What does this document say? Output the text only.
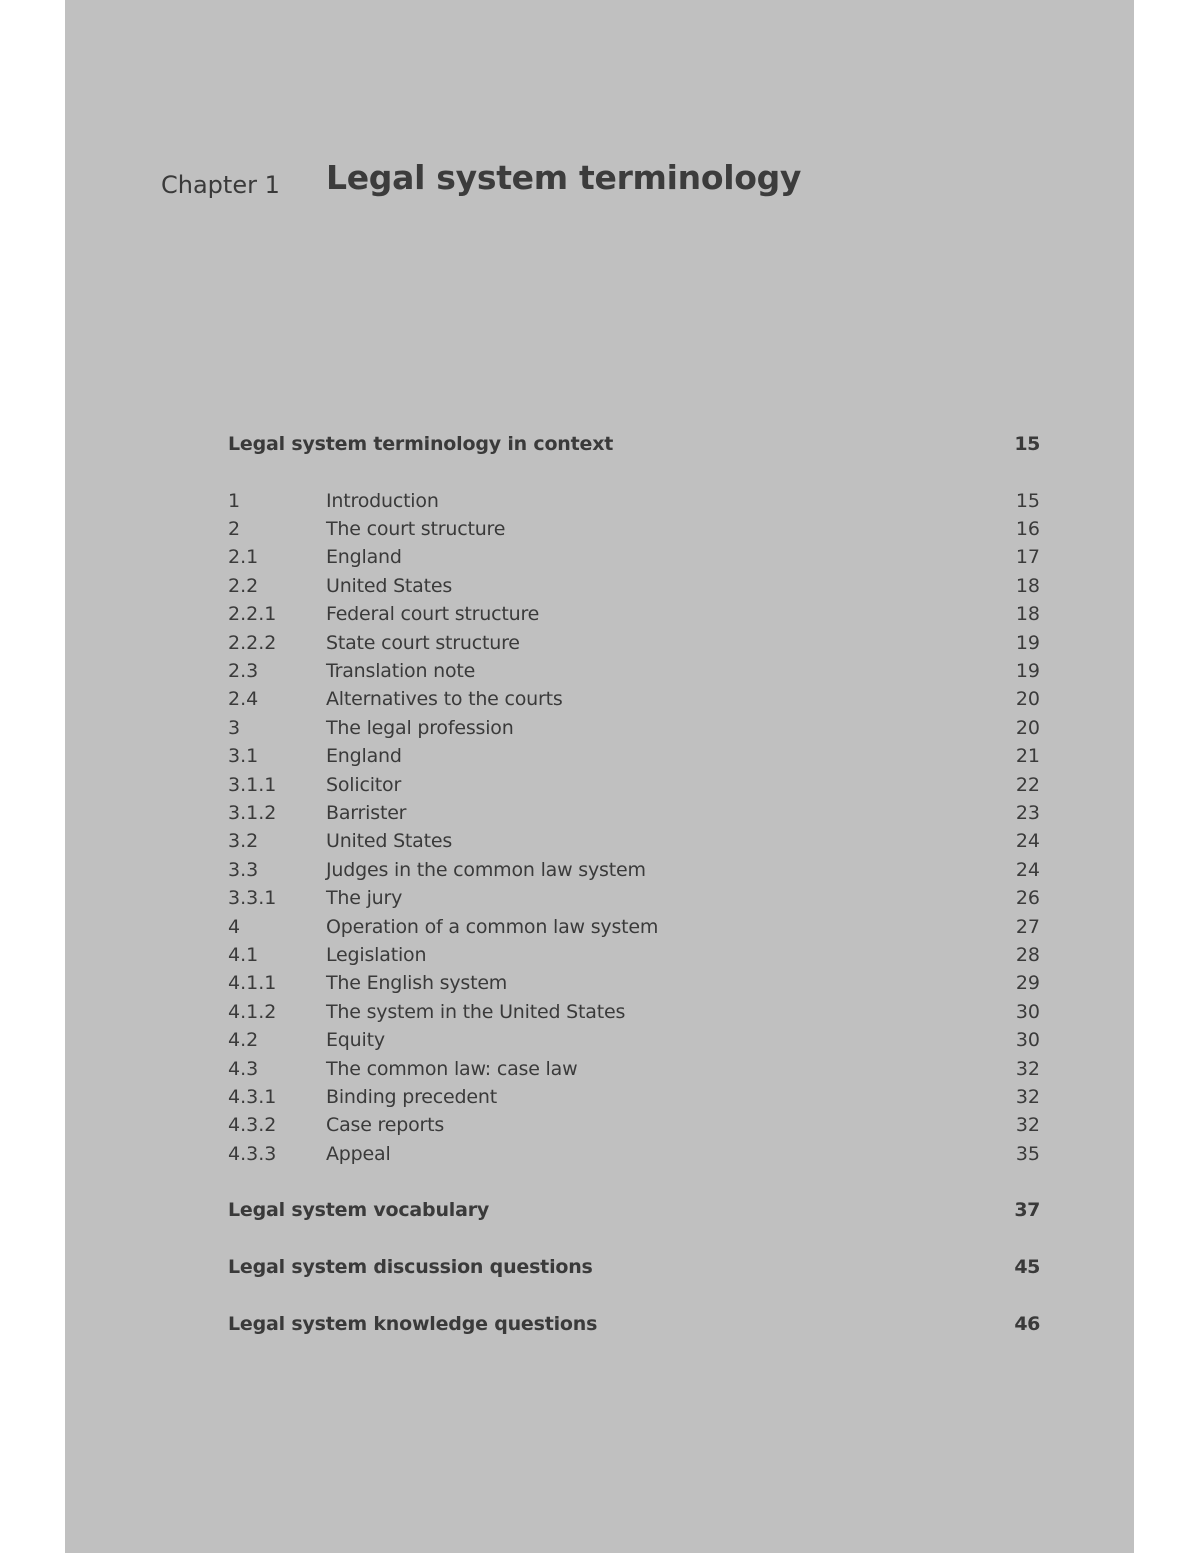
Chapter 1 Legal system terminology
Legal system terminology in context	15
1	Introduction	15
2	The court structure	16
2.1	England	17
2.2	United States	18
2.2.1	Federal court structure	18
2.2.2	State court structure	19
2.3	Translation note	19
2.4	Alternatives to the courts	20
3	The legal profession	20
3.1	England	21
3.1.1	Solicitor	22
3.1.2	Barrister	23
3.2	United States	24
3.3	Judges in the common law system	24
3.3.1	The jury	26
4	Operation of a common law system	27
4.1	Legislation	28
4.1.1	The English system	29
4.1.2	The system in the United States	30
4.2	Equity	30
4.3	The common law: case law	32
4.3.1	Binding precedent	32
4.3.2	Case reports	32
4.3.3	Appeal	35
Legal system vocabulary	37
Legal system discussion questions	45
Legal system knowledge questions	46
